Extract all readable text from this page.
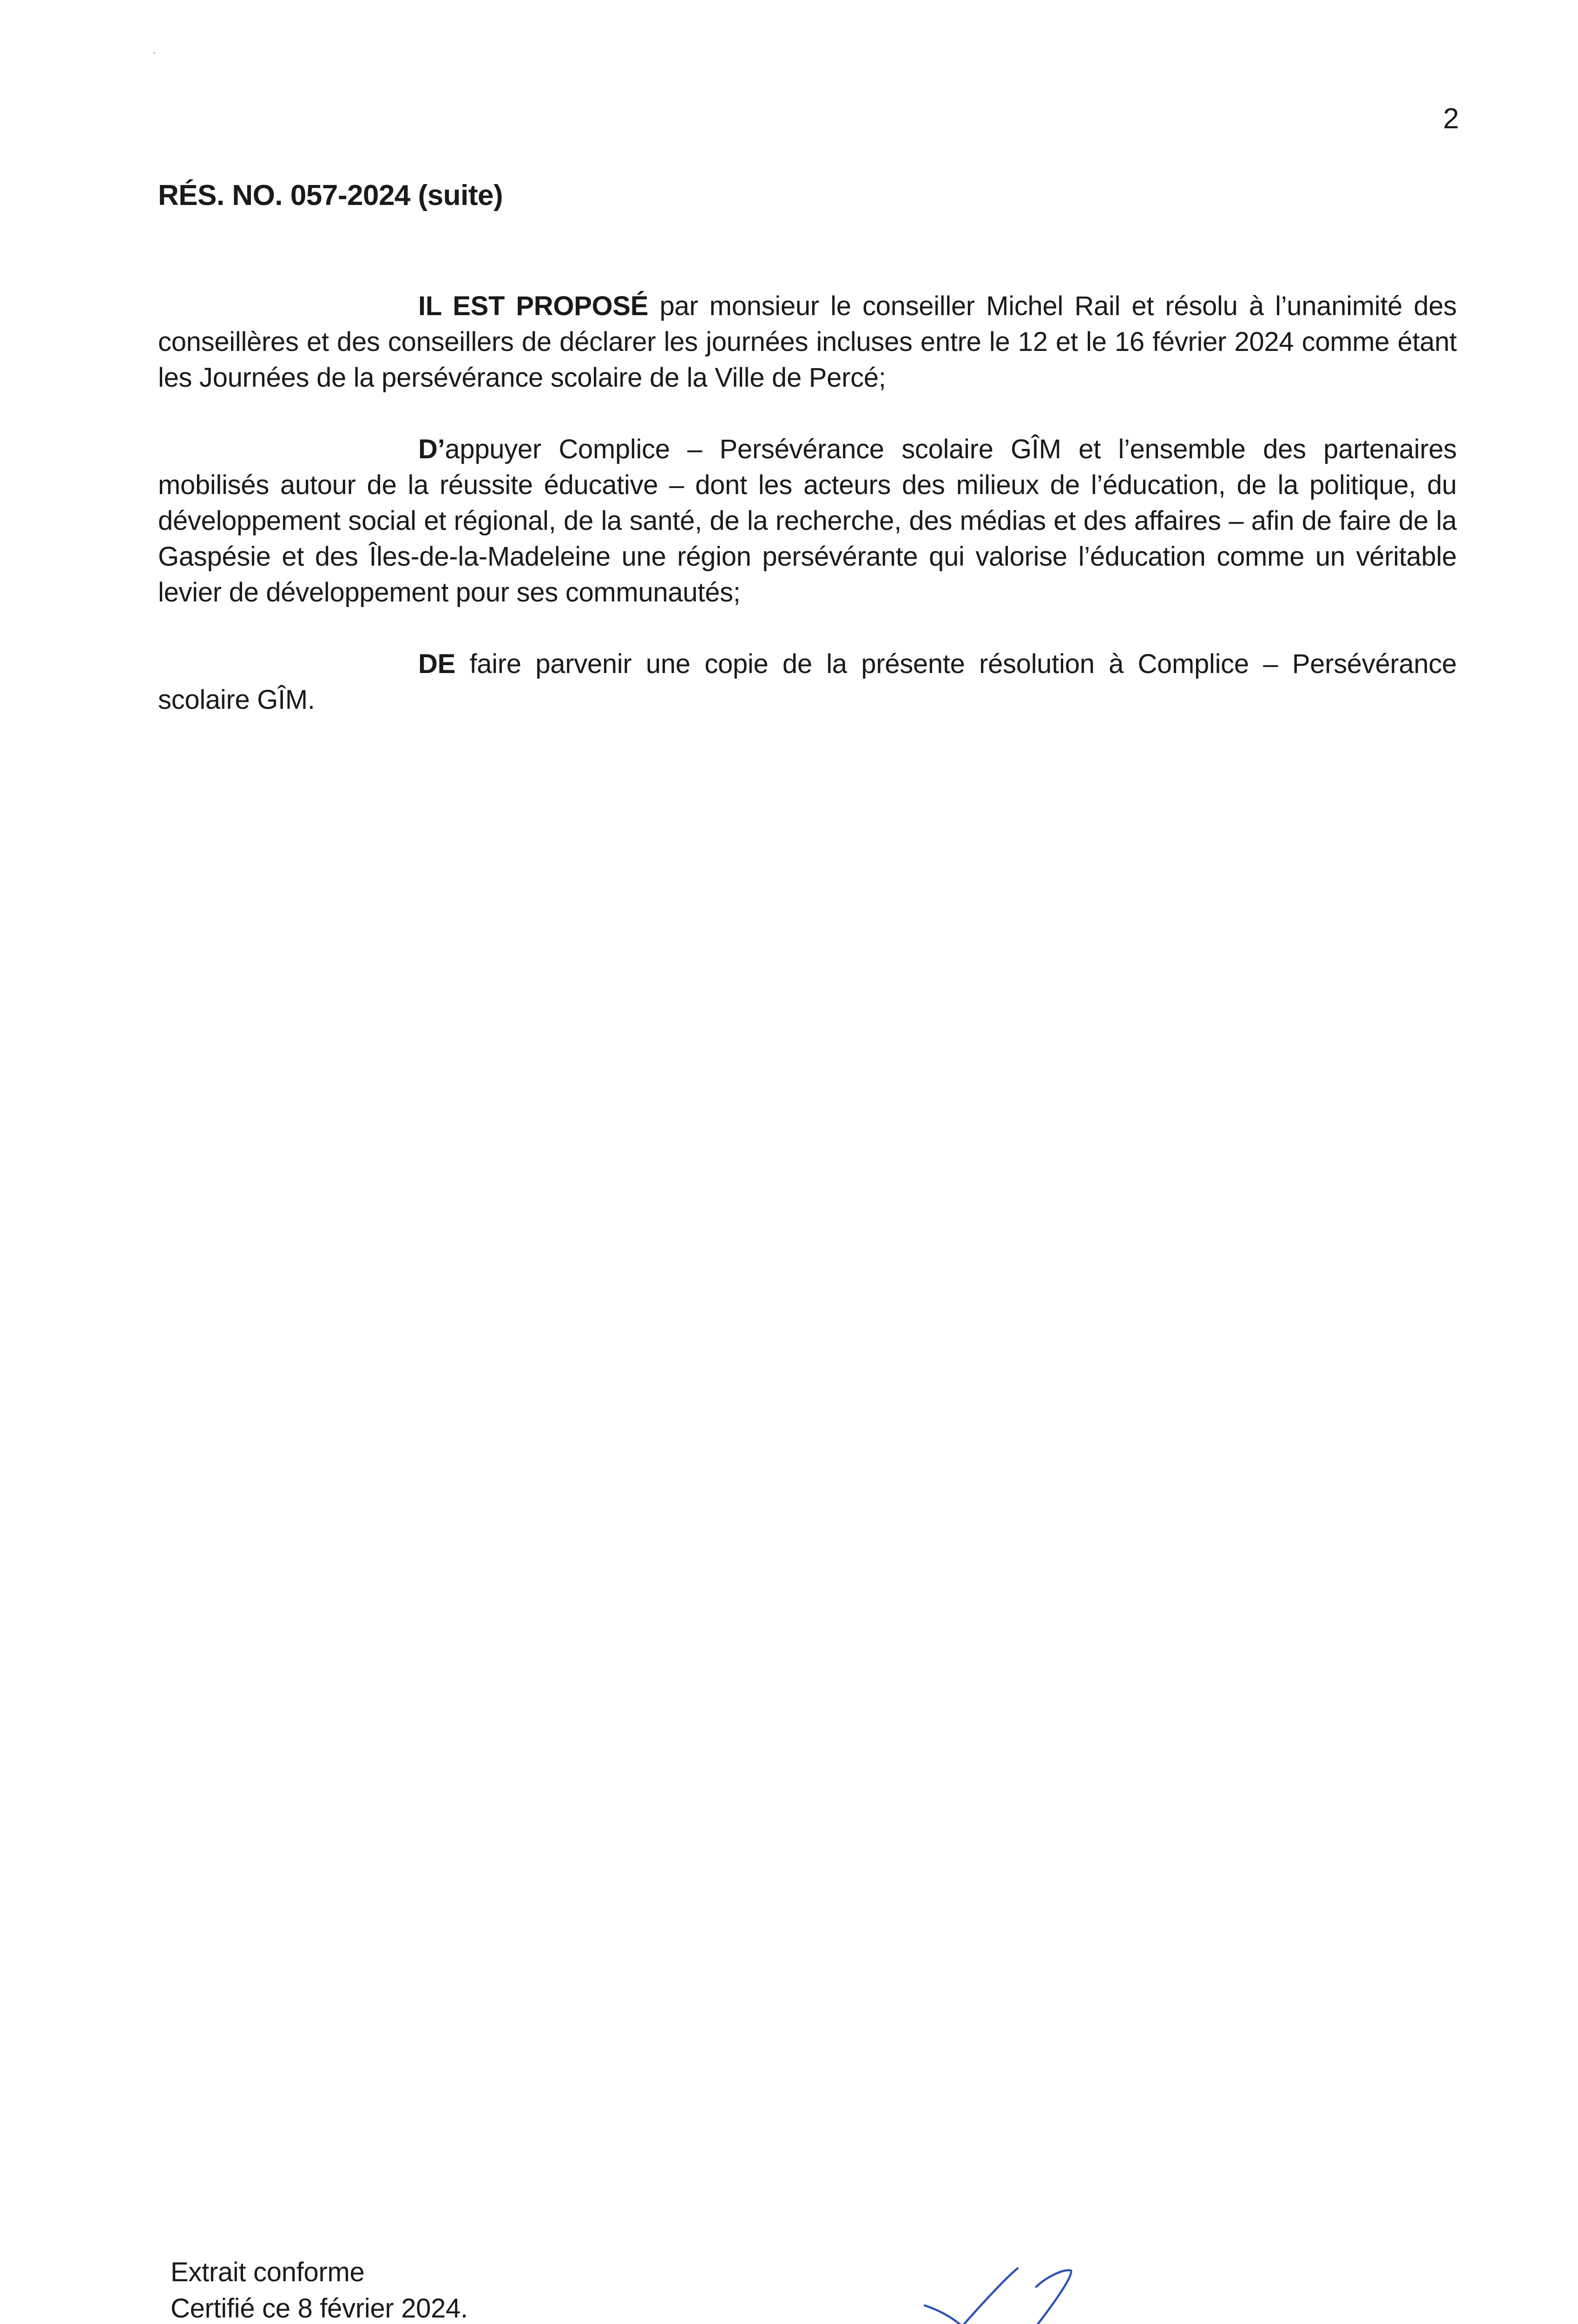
2
RÉS. NO. 057-2024 (suite)

IL EST PROPOSÉ par monsieur le conseiller Michel Rail et résolu à l’unanimité des conseillères et des conseillers de déclarer les journées incluses entre le 12 et le 16 février 2024 comme étant les Journées de la persévérance scolaire de la Ville de Percé;

D’appuyer Complice – Persévérance scolaire GÎM et l’ensemble des partenaires mobilisés autour de la réussite éducative – dont les acteurs des milieux de l’éducation, de la politique, du développement social et régional, de la santé, de la recherche, des médias et des affaires – afin de faire de la Gaspésie et des Îles-de-la-Madeleine une région persévérante qui valorise l’éducation comme un véritable levier de développement pour ses communautés;

DE faire parvenir une copie de la présente résolution à Complice – Persévérance scolaire GÎM.

Extrait conforme
Certifié ce 8 février 2024.
